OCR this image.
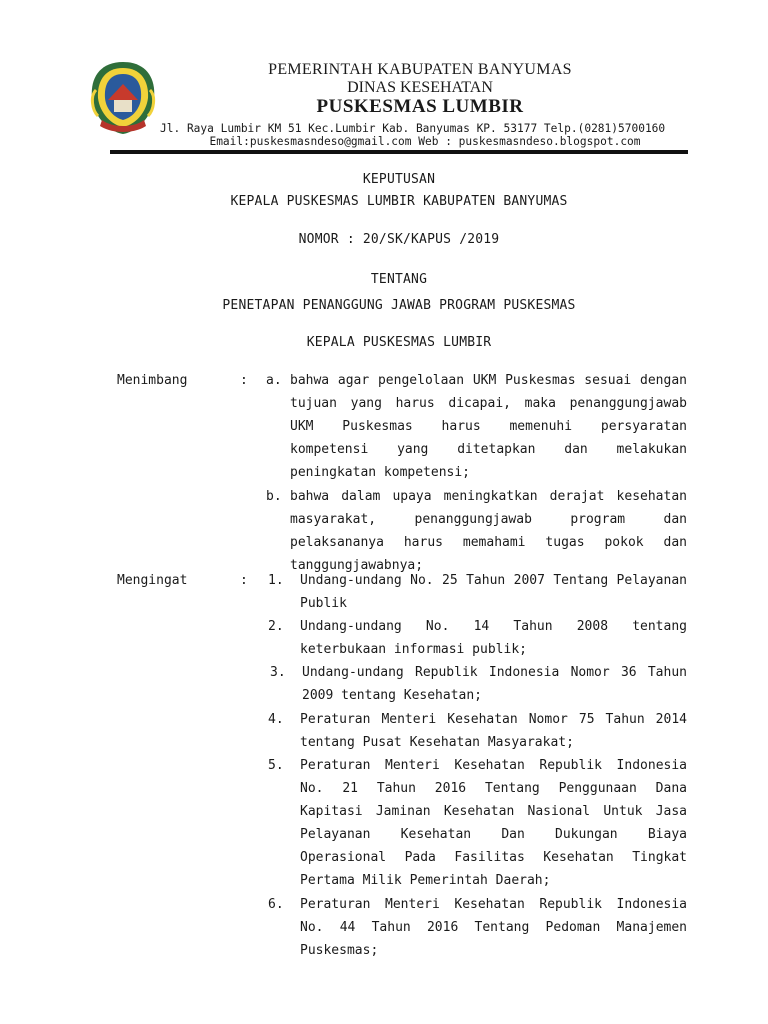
PEMERINTAH KABUPATEN BANYUMAS
DINAS KESEHATAN
PUSKESMAS LUMBIR
Jl. Raya Lumbir KM 51 Kec.Lumbir Kab. Banyumas KP. 53177 Telp.(0281)5700160
Email:puskesmasndeso@gmail.com Web : puskesmasndeso.blogspot.com
KEPUTUSAN
KEPALA PUSKESMAS LUMBIR KABUPATEN BANYUMAS
NOMOR : 20/SK/KAPUS /2019
TENTANG
PENETAPAN PENANGGUNG JAWAB PROGRAM PUSKESMAS
KEPALA PUSKESMAS LUMBIR
Menimbang	: a. bahwa agar pengelolaan UKM Puskesmas sesuai dengan tujuan yang harus dicapai, maka penanggungjawab UKM Puskesmas harus memenuhi persyaratan kompetensi yang ditetapkan dan melakukan peningkatan kompetensi;
b. bahwa dalam upaya meningkatkan derajat kesehatan masyarakat, penanggungjawab program dan pelaksananya harus memahami tugas pokok dan tanggungjawabnya;
Mengingat	: 1. Undang-undang No. 25 Tahun 2007 Tentang Pelayanan Publik
2. Undang-undang No. 14 Tahun 2008 tentang keterbukaan informasi publik;
3. Undang-undang Republik Indonesia Nomor 36 Tahun 2009 tentang Kesehatan;
4. Peraturan Menteri Kesehatan Nomor 75 Tahun 2014 tentang Pusat Kesehatan Masyarakat;
5. Peraturan Menteri Kesehatan Republik Indonesia No. 21 Tahun 2016 Tentang Penggunaan Dana Kapitasi Jaminan Kesehatan Nasional Untuk Jasa Pelayanan Kesehatan Dan Dukungan Biaya Operasional Pada Fasilitas Kesehatan Tingkat Pertama Milik Pemerintah Daerah;
6. Peraturan Menteri Kesehatan Republik Indonesia No. 44 Tahun 2016 Tentang Pedoman Manajemen Puskesmas;
